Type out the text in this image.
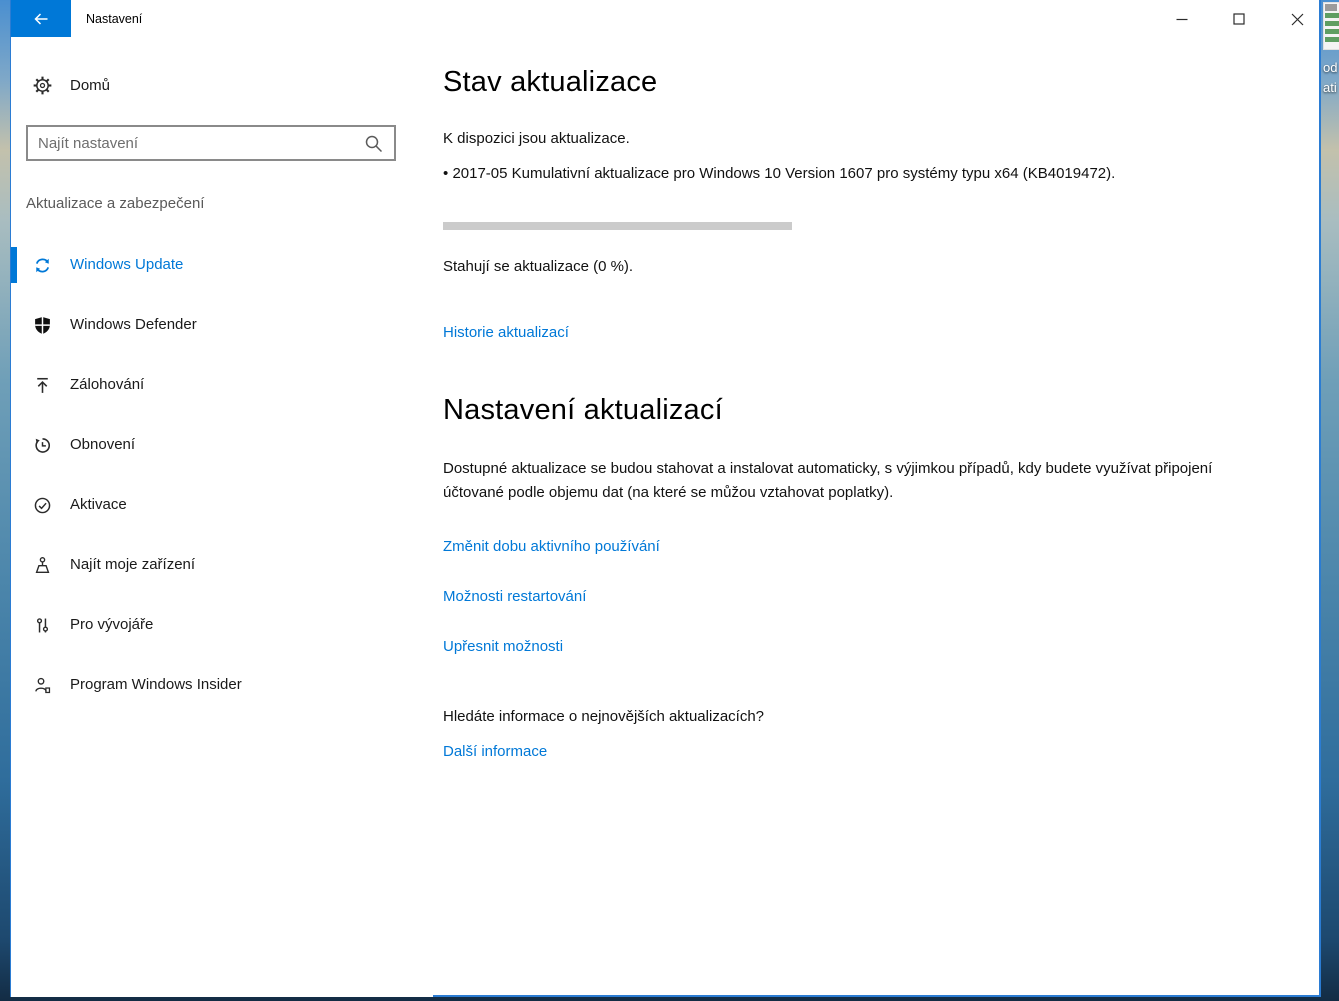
od
ati
Nastavení
Domů
Najít nastavení
Aktualizace a zabezpečení
Windows Update
Windows Defender
Zálohování
Obnovení
Aktivace
Najít moje zařízení
Pro vývojáře
Program Windows Insider
Stav aktualizace
K dispozici jsou aktualizace.
• 2017-05 Kumulativní aktualizace pro Windows 10 Version 1607 pro systémy typu x64 (KB4019472).
Stahují se aktualizace (0 %).
Historie aktualizací
Nastavení aktualizací
Dostupné aktualizace se budou stahovat a instalovat automaticky, s výjimkou případů, kdy budete využívat připojení účtované podle objemu dat (na které se můžou vztahovat poplatky).
Změnit dobu aktivního používání
Možnosti restartování
Upřesnit možnosti
Hledáte informace o nejnovějších aktualizacích?
Další informace
